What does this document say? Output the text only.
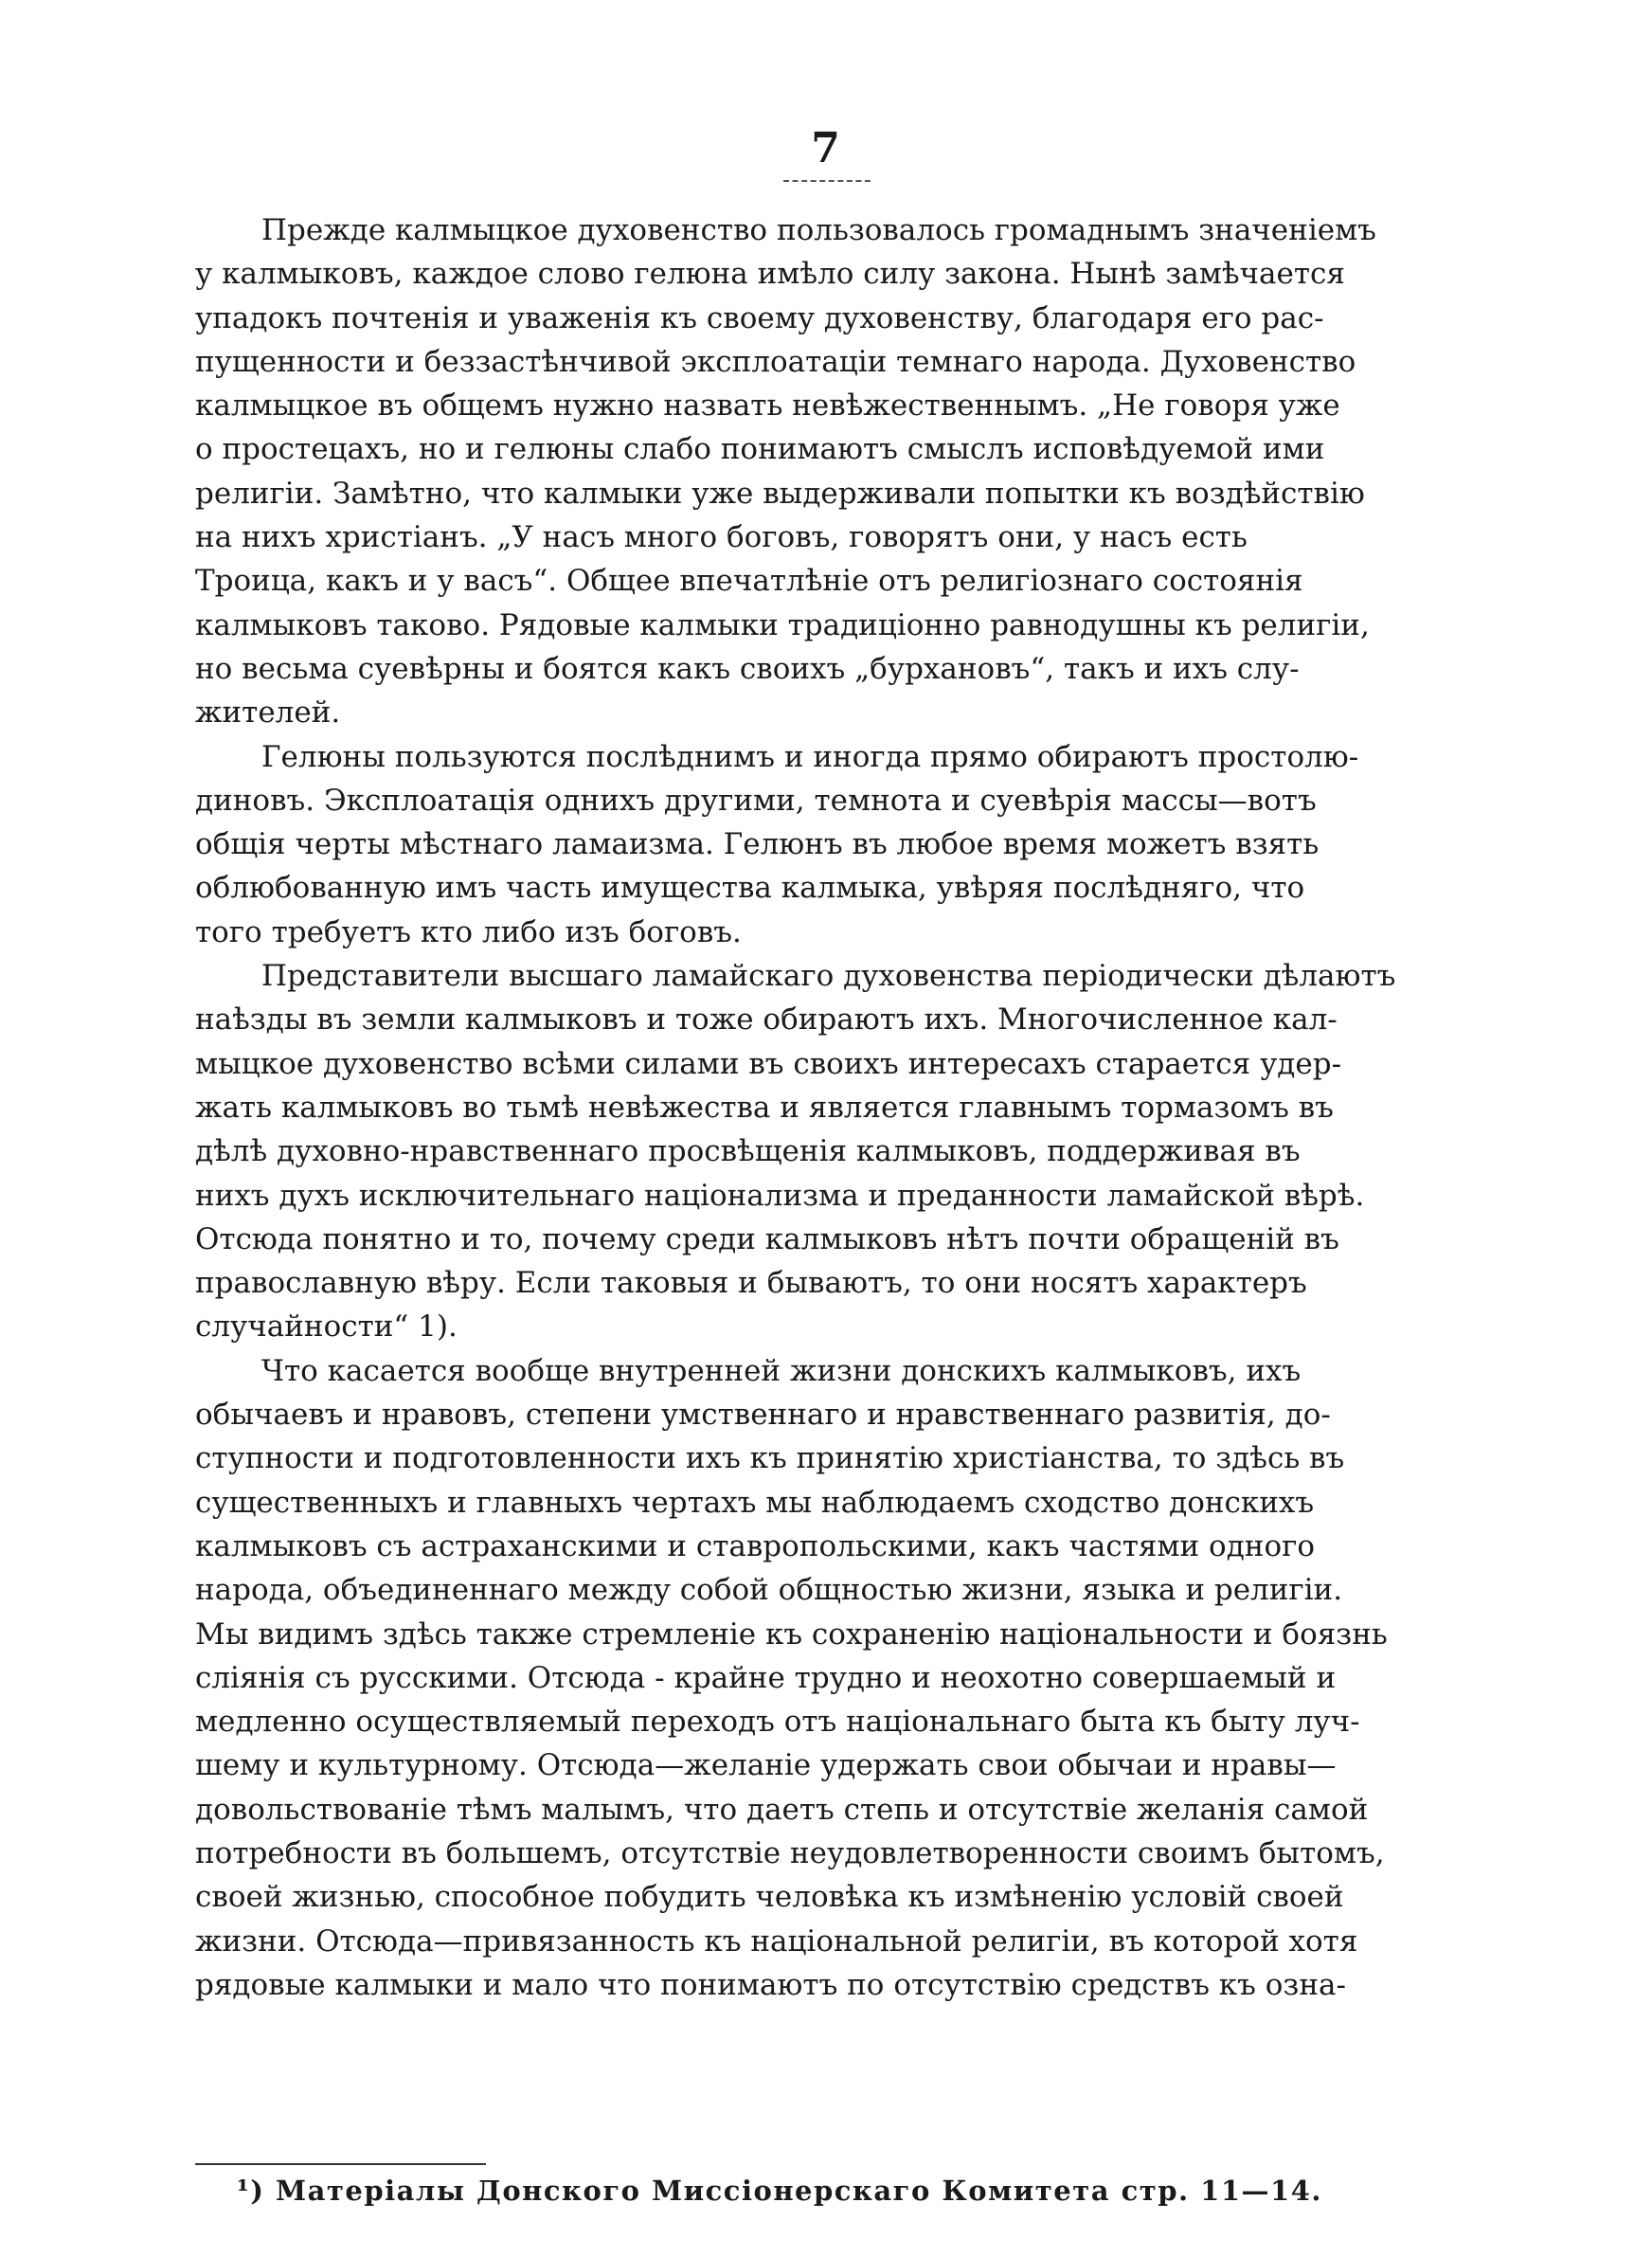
7
Прежде калмыцкое духовенство пользовалось громаднымъ значеніемъ
у калмыковъ, каждое слово гелюна имѣло силу закона. Нынѣ замѣчается
упадокъ почтенія и уваженія къ своему духовенству, благодаря его рас-
пущенности и беззастѣнчивой эксплоатаціи темнаго народа. Духовенство
калмыцкое въ общемъ нужно назвать невѣжественнымъ. „Не говоря уже
о простецахъ, но и гелюны слабо понимаютъ смыслъ исповѣдуемой ими
религіи. Замѣтно, что калмыки уже выдерживали попытки къ воздѣйствію
на нихъ христіанъ. „У насъ много боговъ, говорятъ они, у насъ есть
Троица, какъ и у васъ“. Общее впечатлѣніе отъ религіознаго состоянія
калмыковъ таково. Рядовые калмыки традиціонно равнодушны къ религіи,
но весьма суевѣрны и боятся какъ своихъ „бурхановъ“, такъ и ихъ слу-
жителей.
Гелюны пользуются послѣднимъ и иногда прямо обираютъ простолю-
диновъ. Эксплоатація однихъ другими, темнота и суевѣрія массы—вотъ
общія черты мѣстнаго ламаизма. Гелюнъ въ любое время можетъ взять
облюбованную имъ часть имущества калмыка, увѣряя послѣдняго, что
того требуетъ кто либо изъ боговъ.
Представители высшаго ламайскаго духовенства періодически дѣлаютъ
наѣзды въ земли калмыковъ и тоже обираютъ ихъ. Многочисленное кал-
мыцкое духовенство всѣми силами въ своихъ интересахъ старается удер-
жать калмыковъ во тьмѣ невѣжества и является главнымъ тормазомъ въ
дѣлѣ духовно-нравственнаго просвѣщенія калмыковъ, поддерживая въ
нихъ духъ исключительнаго націонализма и преданности ламайской вѣрѣ.
Отсюда понятно и то, почему среди калмыковъ нѣтъ почти обращеній въ
православную вѣру. Если таковыя и бываютъ, то они носятъ характеръ
случайности“ 1).
Что касается вообще внутренней жизни донскихъ калмыковъ, ихъ
обычаевъ и нравовъ, степени умственнаго и нравственнаго развитія, до-
ступности и подготовленности ихъ къ принятію христіанства, то здѣсь въ
существенныхъ и главныхъ чертахъ мы наблюдаемъ сходство донскихъ
калмыковъ съ астраханскими и ставропольскими, какъ частями одного
народа, объединеннаго между собой общностью жизни, языка и религіи.
Мы видимъ здѣсь также стремленіе къ сохраненію національности и боязнь
сліянія съ русскими. Отсюда - крайне трудно и неохотно совершаемый и
медленно осуществляемый переходъ отъ національнаго быта къ быту луч-
шему и культурному. Отсюда—желаніе удержать свои обычаи и нравы—
довольствованіе тѣмъ малымъ, что даетъ степь и отсутствіе желанія самой
потребности въ большемъ, отсутствіе неудовлетворенности своимъ бытомъ,
своей жизнью, способное побудить человѣка къ измѣненію условій своей
жизни. Отсюда—привязанность къ національной религіи, въ которой хотя
рядовые калмыки и мало что понимаютъ по отсутствію средствъ къ озна-
¹) Матеріалы Донского Миссіонерскаго Комитета стр. 11—14.
